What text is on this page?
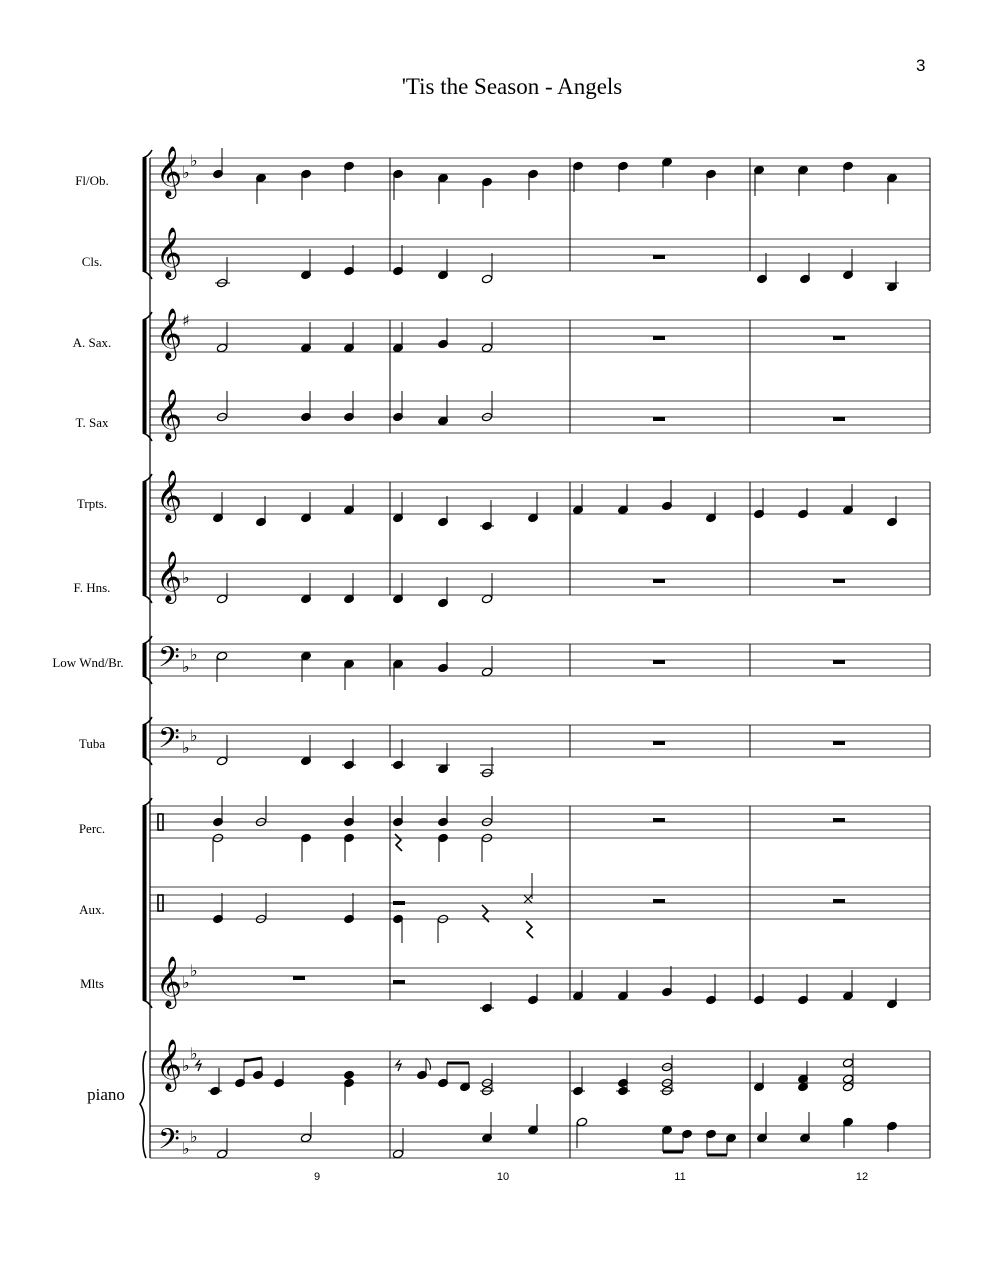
3
'Tis the Season - Angels
Fl/Ob.
Cls.
A. Sax.
T. Sax
Trpts.
F. Hns.
Low Wnd/Br.
Tuba
Perc.
Aux.
Mlts
piano
𝄞
𝄞
𝄞
𝄞
𝄞
𝄞
𝄢
𝄢
𝄞
𝄞
𝄢
♭
♭
♯
♭
♭
♭
♭
♭
♭
♭
♭
♭
♭
♭
9	10	11	12
